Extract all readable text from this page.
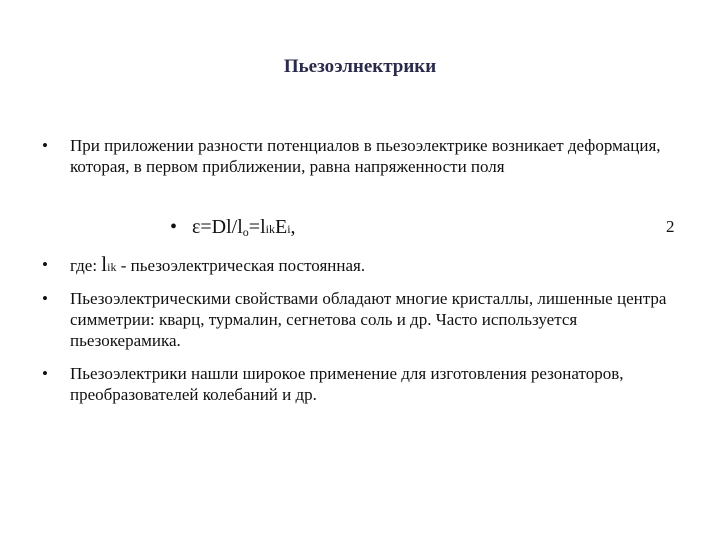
Пьезоэлнектрики
• При приложении разности потенциалов в пьезоэлектрике возникает деформация, которая, в первом приближении, равна напряженности поля
• $\varepsilon=Dl/l_o=likEi$,	2
• где: lik - пьезоэлектрическая постоянная.
• Пьезоэлектрическими свойствами обладают многие кристаллы, лишенные центра симметрии: кварц, турмалин, сегнетова соль и др. Часто используется пьезокерамика.
• Пьезоэлектрики нашли широкое применение для изготовления резонаторов, преобразователей колебаний и др.
